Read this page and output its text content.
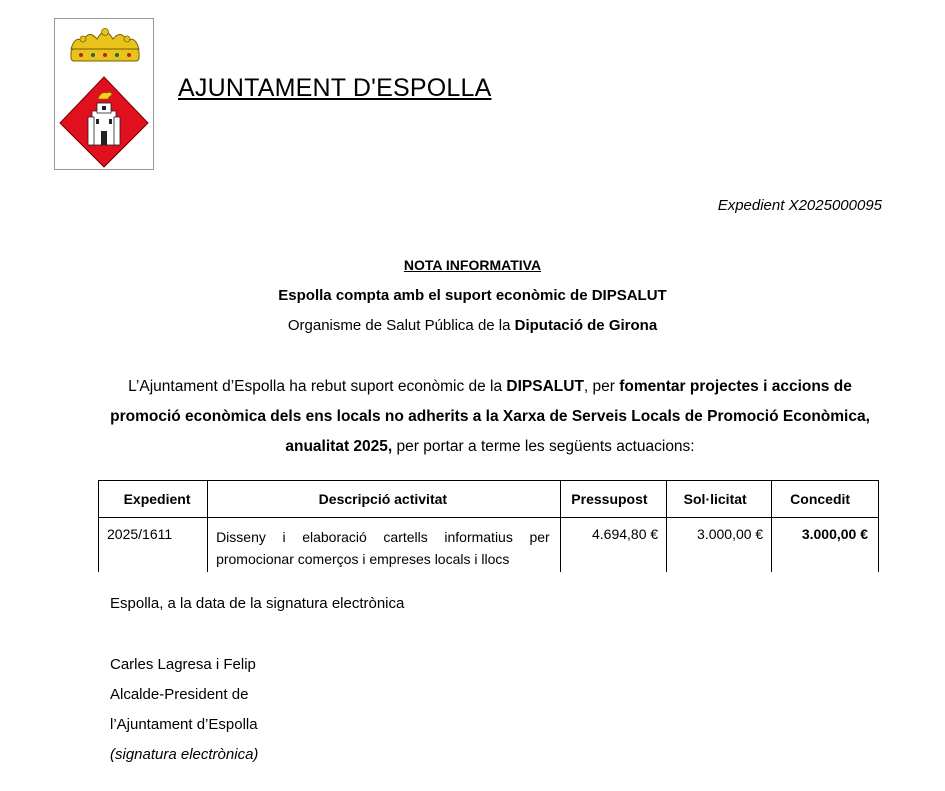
AJUNTAMENT D'ESPOLLA
Expedient X2025000095
NOTA INFORMATIVA
Espolla compta amb el suport econòmic de DIPSALUT
Organisme de Salut Pública de la Diputació de Girona
L’Ajuntament d’Espolla ha rebut suport econòmic de la DIPSALUT, per fomentar projectes i accions de promoció econòmica dels ens locals no adherits a la Xarxa de Serveis Locals de Promoció Econòmica, anualitat 2025, per portar a terme les següents actuacions:
Expedient	Descripció activitat	Pressupost	Sol·licitat	Concedit
2025/1611	Disseny i elaboració cartells informatius per promocionar comerços i empreses locals i llocs	4.694,80 €	3.000,00 €	3.000,00 €
Espolla, a la data de la signatura electrònica
Carles Lagresa i Felip
Alcalde-President de
l’Ajuntament d’Espolla
(signatura electrònica)
